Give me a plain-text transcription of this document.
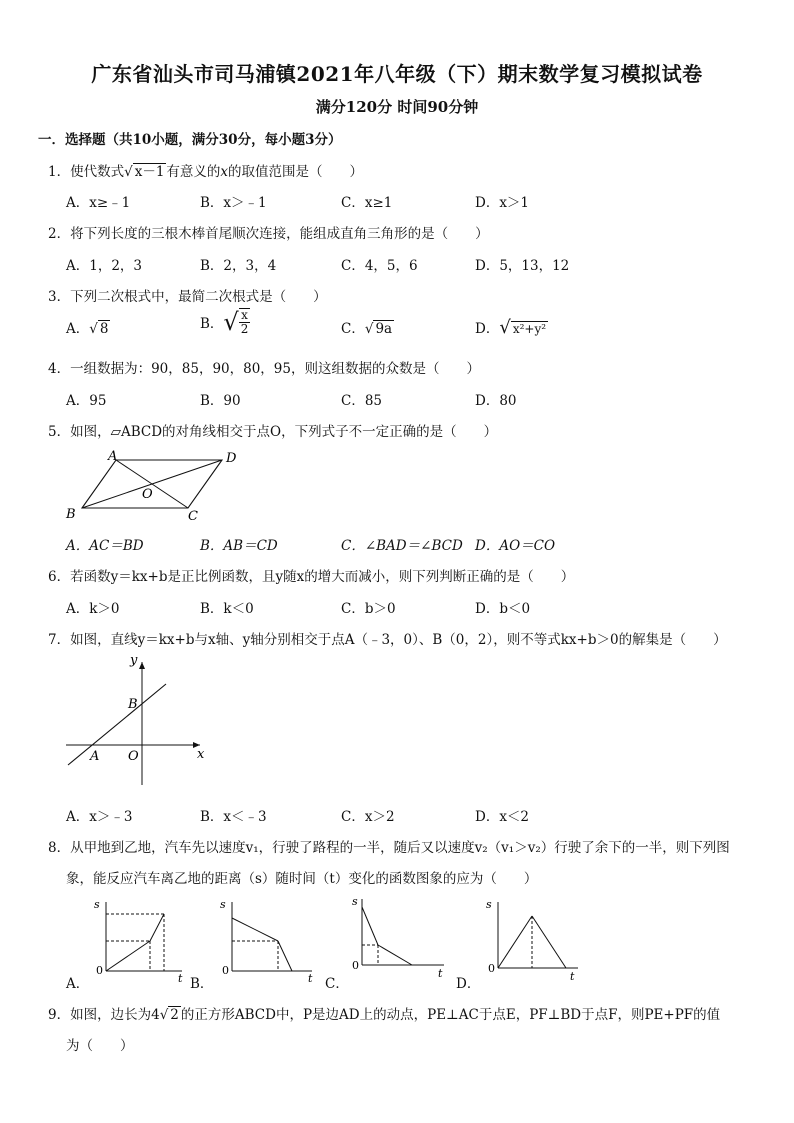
广东省汕头市司马浦镇2021年八年级（下）期末数学复习模拟试卷
满分120分 时间90分钟
一．选择题（共10小题，满分30分，每小题3分）
1．使代数式√ x－1 有意义的x的取值范围是（　　）
A．x≥﹣1	B．x＞﹣1	C．x≥1	D．x＞1
2．将下列长度的三根木棒首尾顺次连接，能组成直角三角形的是（　　）
A．1，2，3	B．2，3，4	C．4，5，6	D．5，13，12
3．下列二次根式中，最简二次根式是（　　）
A．√ 8	B．√ $\frac{x}{2}$	C．√ 9a	D．√ x²+y²
4．一组数据为：90，85，90，80，95，则这组数据的众数是（　　）
A．95	B．90	C．85	D．80
5．如图，▱ABCD的对角线相交于点O，下列式子不一定正确的是（　　）
A	D
B	C
O
A．AC＝BD	B．AB＝CD	C．∠BAD＝∠BCD D．AO＝CO
6．若函数y＝kx+b是正比例函数，且y随x的增大而减小，则下列判断正确的是（　　）
A．k＞0	B．k＜0	C．b＞0	D．b＜0
7．如图，直线y＝kx+b与x轴、y轴分别相交于点A（﹣3，0）、B（0，2），则不等式kx+b＞0的解集是（　　）
y
B
A O	x
A．x＞﹣3	B．x＜﹣3	C．x＞2	D．x＜2
8．从甲地到乙地，汽车先以速度v₁，行驶了路程的一半，随后又以速度v₂（v₁＞v₂）行驶了余下的一半，则下列图
象，能反应汽车离乙地的距离（s）随时间（t）变化的函数图象的应为（　　）
s
t
0
A．
s
t
0
B．
s
t
0
C．
s
t
0
D．
9．如图，边长为4√ 2 的正方形ABCD中，P是边AD上的动点，PE⊥AC于点E，PF⊥BD于点F，则PE+PF的值
为（　　）
